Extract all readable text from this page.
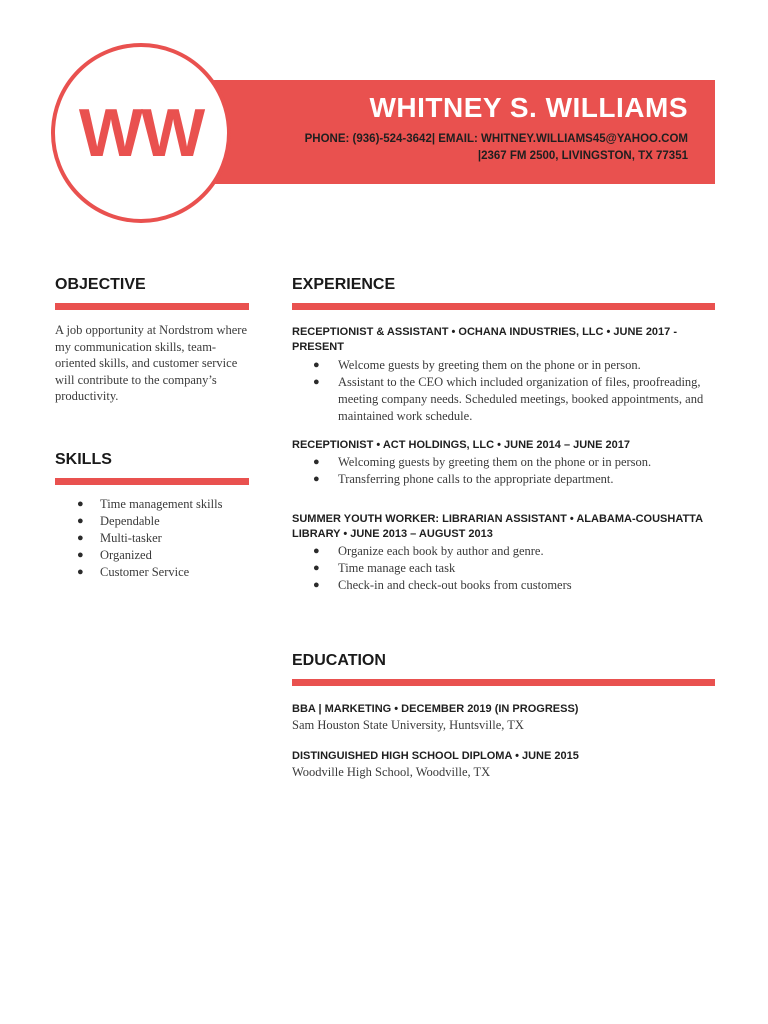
WW	WHITNEY S. WILLIAMS
PHONE: (936)-524-3642| EMAIL: WHITNEY.WILLIAMS45@YAHOO.COM
|2367 FM 2500, LIVINGSTON, TX 77351
OBJECTIVE

A job opportunity at Nordstrom where my communication skills, team-oriented skills, and customer service will contribute to the company’s productivity.

SKILLS
● Time management skills
● Dependable
● Multi-tasker
● Organized
● Customer Service
EXPERIENCE
RECEPTIONIST & ASSISTANT • OCHANA INDUSTRIES, LLC • JUNE 2017 - PRESENT
● Welcome guests by greeting them on the phone or in person.
● Assistant to the CEO which included organization of files, proofreading, meeting company needs. Scheduled meetings, booked appointments, and maintained work schedule.
RECEPTIONIST • ACT HOLDINGS, LLC • JUNE 2014 – JUNE 2017
● Welcoming guests by greeting them on the phone or in person.
● Transferring phone calls to the appropriate department.
SUMMER YOUTH WORKER: LIBRARIAN ASSISTANT • ALABAMA-COUSHATTA LIBRARY • JUNE 2013 – AUGUST 2013
● Organize each book by author and genre.
● Time manage each task
● Check-in and check-out books from customers
EDUCATION
BBA | MARKETING • DECEMBER 2019 (IN PROGRESS)
Sam Houston State University, Huntsville, TX
DISTINGUISHED HIGH SCHOOL DIPLOMA • JUNE 2015
Woodville High School, Woodville, TX
